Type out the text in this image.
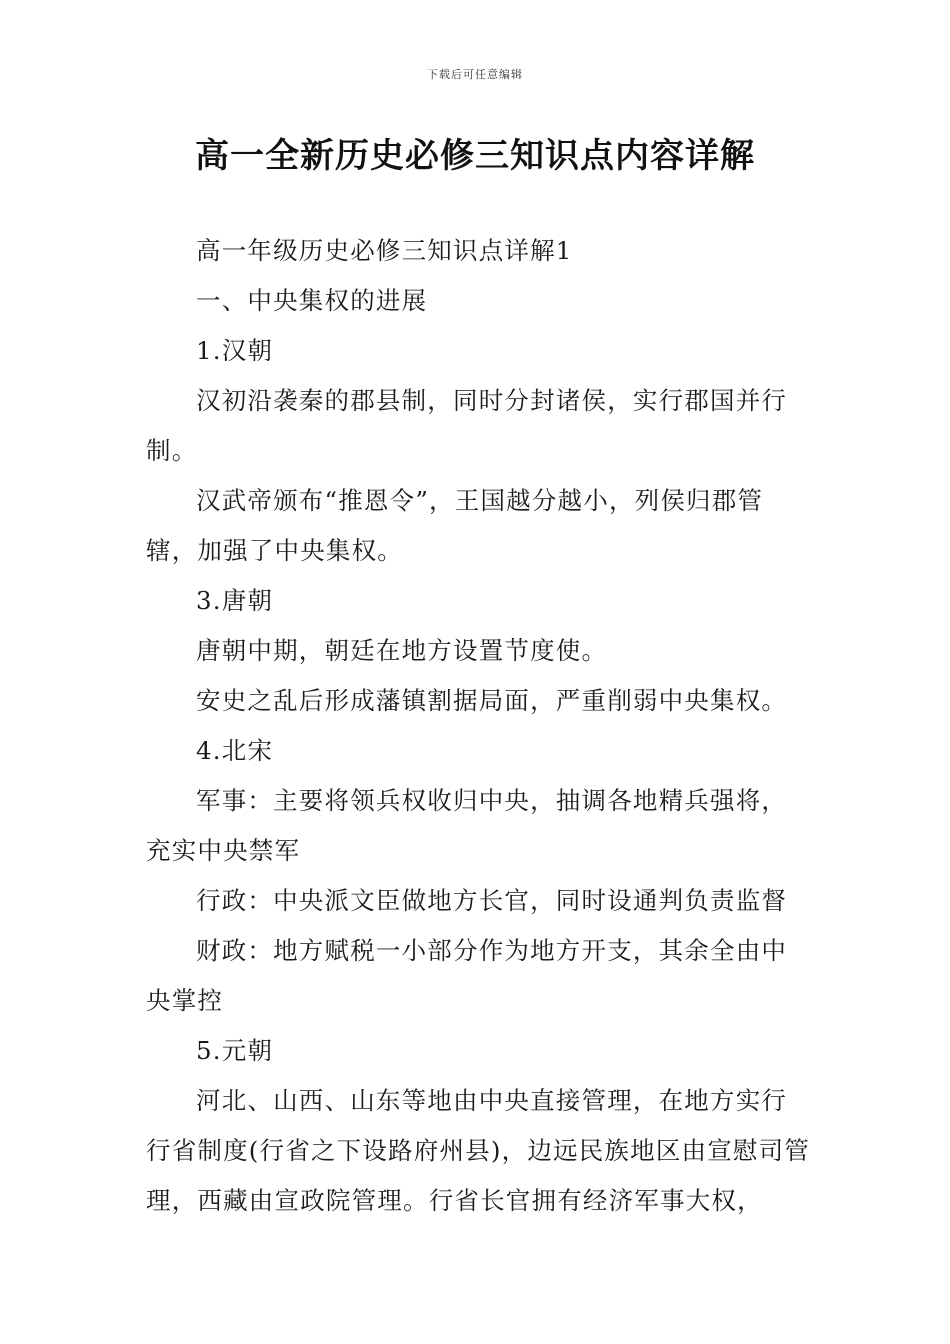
下载后可任意编辑
高一全新历史必修三知识点内容详解

高一年级历史必修三知识点详解1

一、中央集权的进展

1.汉朝

汉初沿袭秦的郡县制，同时分封诸侯，实行郡国并行制。

汉武帝颁布“推恩令”，王国越分越小，列侯归郡管辖，加强了中央集权。

3.唐朝

唐朝中期，朝廷在地方设置节度使。

安史之乱后形成藩镇割据局面，严重削弱中央集权。

4.北宋

军事：主要将领兵权收归中央，抽调各地精兵强将，充实中央禁军

行政：中央派文臣做地方长官，同时设通判负责监督

财政：地方赋税一小部分作为地方开支，其余全由中央掌控

5.元朝

河北、山西、山东等地由中央直接管理，在地方实行行省制度(行省之下设路府州县)，边远民族地区由宣慰司管理，西藏由宣政院管理。行省长官拥有经济军事大权，
